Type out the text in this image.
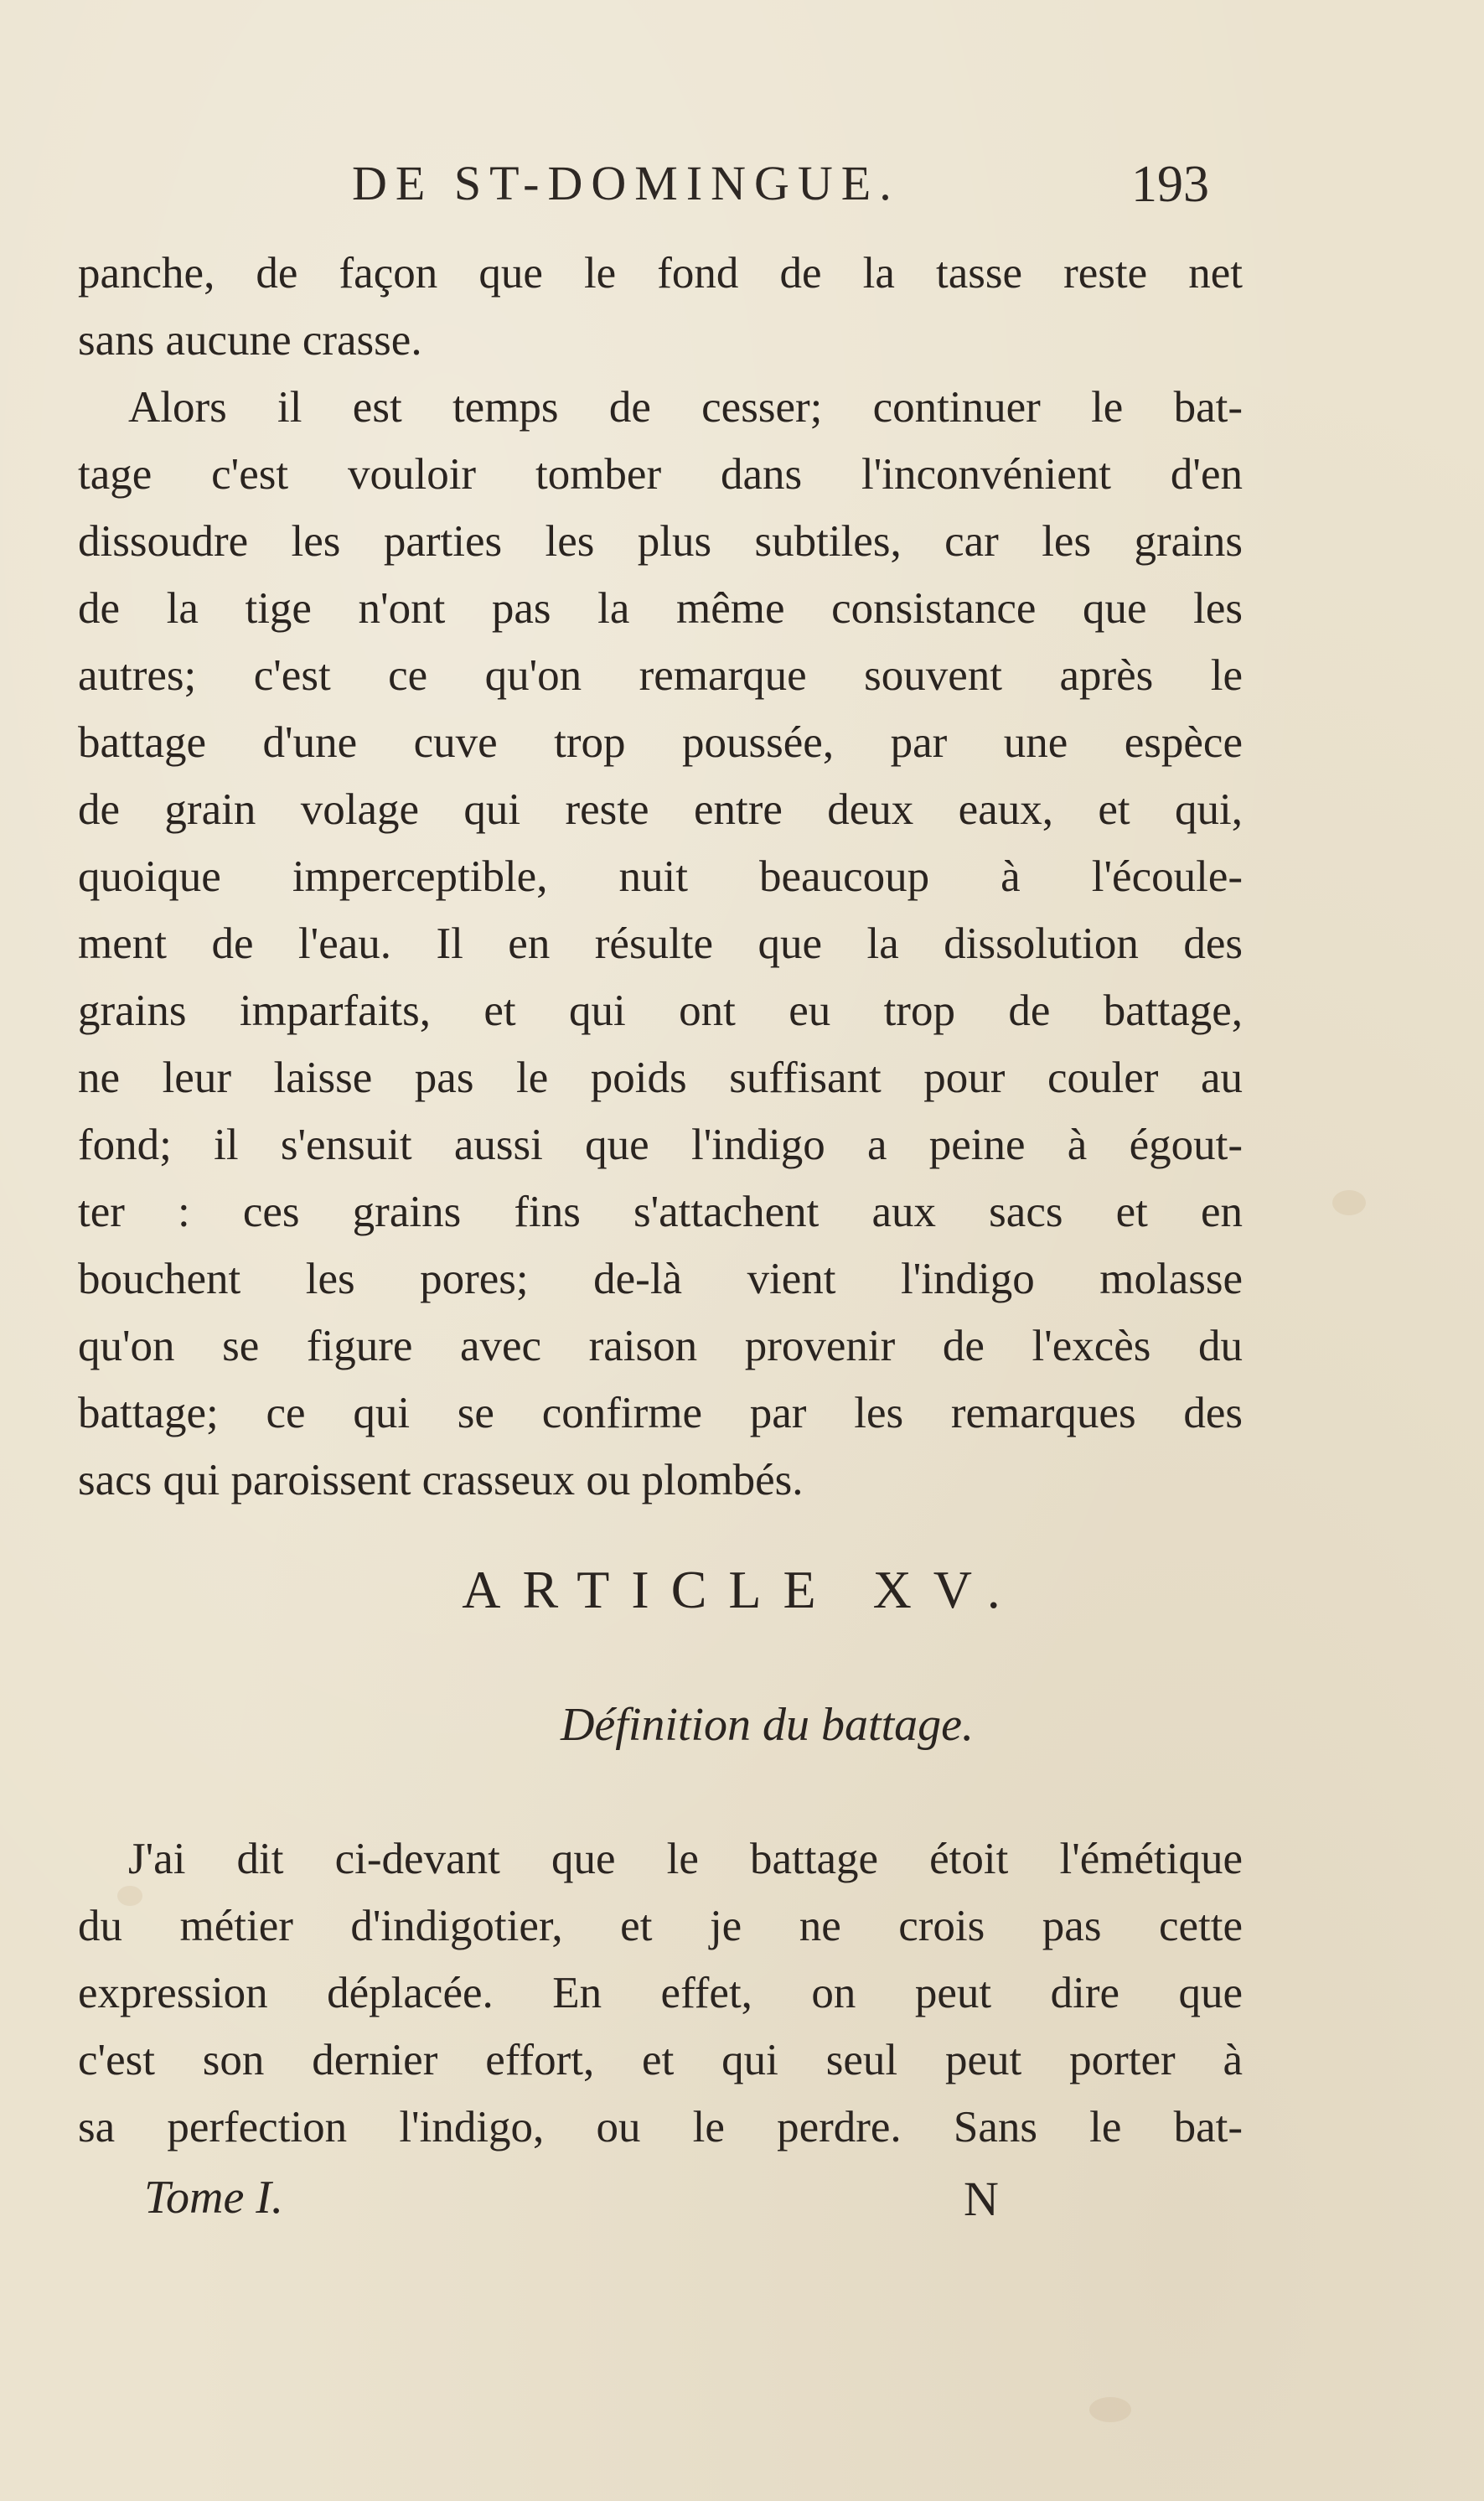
DE ST-DOMINGUE.	193
panche, de façon que le fond de la tasse reste net
sans aucune crasse.
Alors il est temps de cesser; continuer le bat-
tage c'est vouloir tomber dans l'inconvénient d'en
dissoudre les parties les plus subtiles, car les grains
de la tige n'ont pas la même consistance que les
autres; c'est ce qu'on remarque souvent après le
battage d'une cuve trop poussée, par une espèce
de grain volage qui reste entre deux eaux, et qui,
quoique imperceptible, nuit beaucoup à l'écoule-
ment de l'eau. Il en résulte que la dissolution des
grains imparfaits, et qui ont eu trop de battage,
ne leur laisse pas le poids suffisant pour couler au
fond; il s'ensuit aussi que l'indigo a peine à égout-
ter : ces grains fins s'attachent aux sacs et en
bouchent les pores; de-là vient l'indigo molasse
qu'on se figure avec raison provenir de l'excès du
battage; ce qui se confirme par les remarques des
sacs qui paroissent crasseux ou plombés.
ARTICLE XV.
Définition du battage.
J'ai dit ci-devant que le battage étoit l'émétique
du métier d'indigotier, et je ne crois pas cette
expression déplacée. En effet, on peut dire que
c'est son dernier effort, et qui seul peut porter à
sa perfection l'indigo, ou le perdre. Sans le bat-
Tome I.	N
